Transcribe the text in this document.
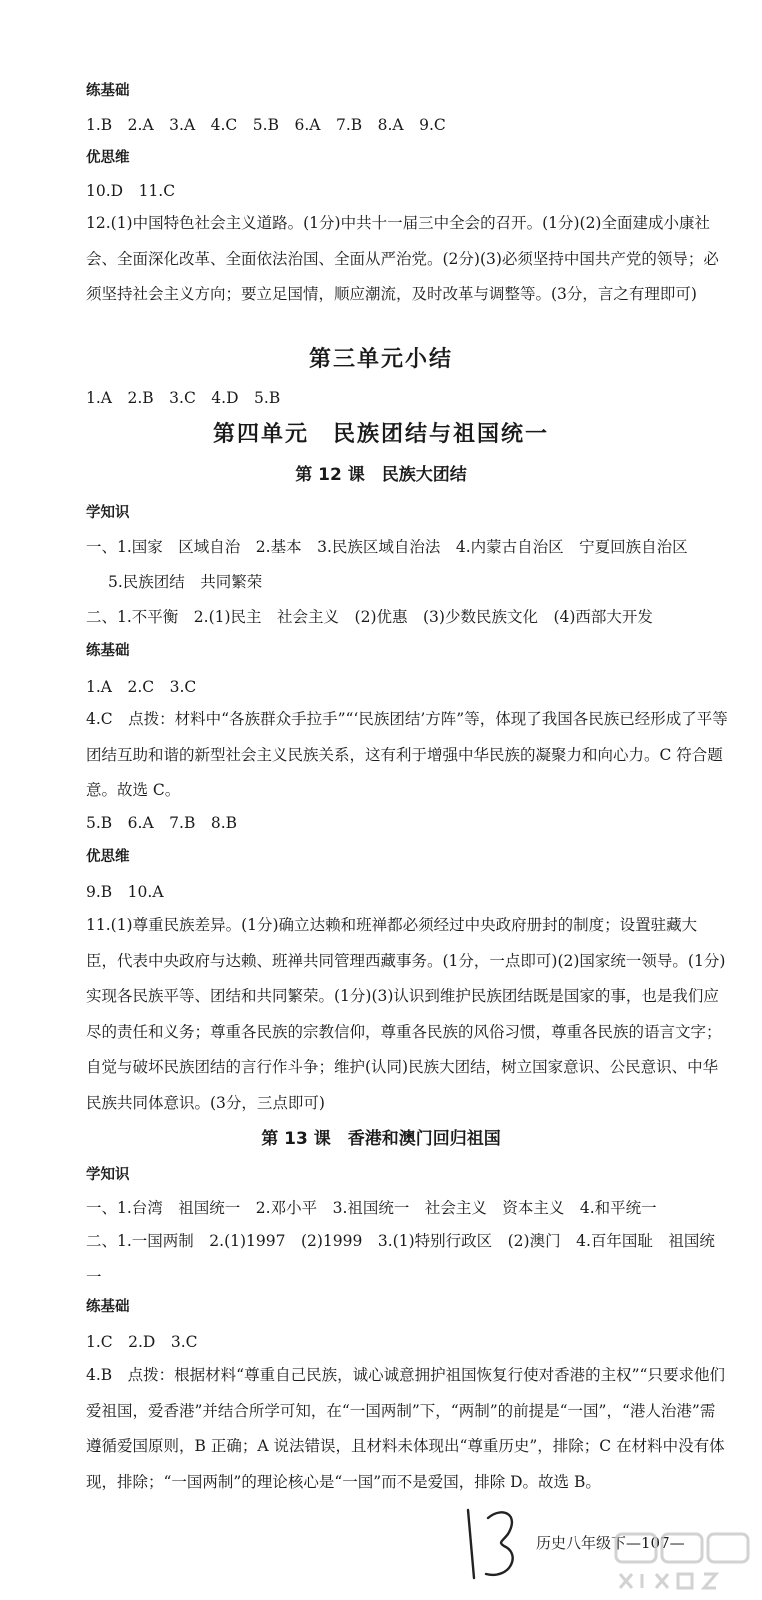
练基础
1.B　2.A　3.A　4.C　5.B　6.A　7.B　8.A　9.C
优思维
10.D　11.C
12.(1)中国特色社会主义道路。(1分)中共十一届三中全会的召开。(1分)(2)全面建成小康社会、全面深化改革、全面依法治国、全面从严治党。(2分)(3)必须坚持中国共产党的领导；必须坚持社会主义方向；要立足国情，顺应潮流，及时改革与调整等。(3分，言之有理即可)
第三单元小结
1.A　2.B　3.C　4.D　5.B
第四单元　民族团结与祖国统一
第 12 课　民族大团结
学知识
一、1.国家　区域自治　2.基本　3.民族区域自治法　4.内蒙古自治区　宁夏回族自治区
5.民族团结　共同繁荣
二、1.不平衡　2.(1)民主　社会主义　(2)优惠　(3)少数民族文化　(4)西部大开发
练基础
1.A　2.C　3.C
4.C　点拨：材料中“各族群众手拉手”“‘民族团结’方阵”等，体现了我国各民族已经形成了平等团结互助和谐的新型社会主义民族关系，这有利于增强中华民族的凝聚力和向心力。C 符合题意。故选 C。
5.B　6.A　7.B　8.B
优思维
9.B　10.A
11.(1)尊重民族差异。(1分)确立达赖和班禅都必须经过中央政府册封的制度；设置驻藏大臣，代表中央政府与达赖、班禅共同管理西藏事务。(1分，一点即可)(2)国家统一领导。(1分)实现各民族平等、团结和共同繁荣。(1分)(3)认识到维护民族团结既是国家的事，也是我们应尽的责任和义务；尊重各民族的宗教信仰，尊重各民族的风俗习惯，尊重各民族的语言文字；自觉与破坏民族团结的言行作斗争；维护(认同)民族大团结，树立国家意识、公民意识、中华民族共同体意识。(3分，三点即可)
第 13 课　香港和澳门回归祖国
学知识
一、1.台湾　祖国统一　2.邓小平　3.祖国统一　社会主义　资本主义　4.和平统一
二、1.一国两制　2.(1)1997　(2)1999　3.(1)特别行政区　(2)澳门　4.百年国耻　祖国统一
练基础
1.C　2.D　3.C
4.B　点拨：根据材料“尊重自己民族，诚心诚意拥护祖国恢复行使对香港的主权”“只要求他们爱祖国，爱香港”并结合所学可知，在“一国两制”下，“两制”的前提是“一国”，“港人治港”需遵循爱国原则，B 正确；A 说法错误，且材料未体现出“尊重历史”，排除；C 在材料中没有体现，排除；“一国两制”的理论核心是“一国”而不是爱国，排除 D。故选 B。
历史八年级下—107—
